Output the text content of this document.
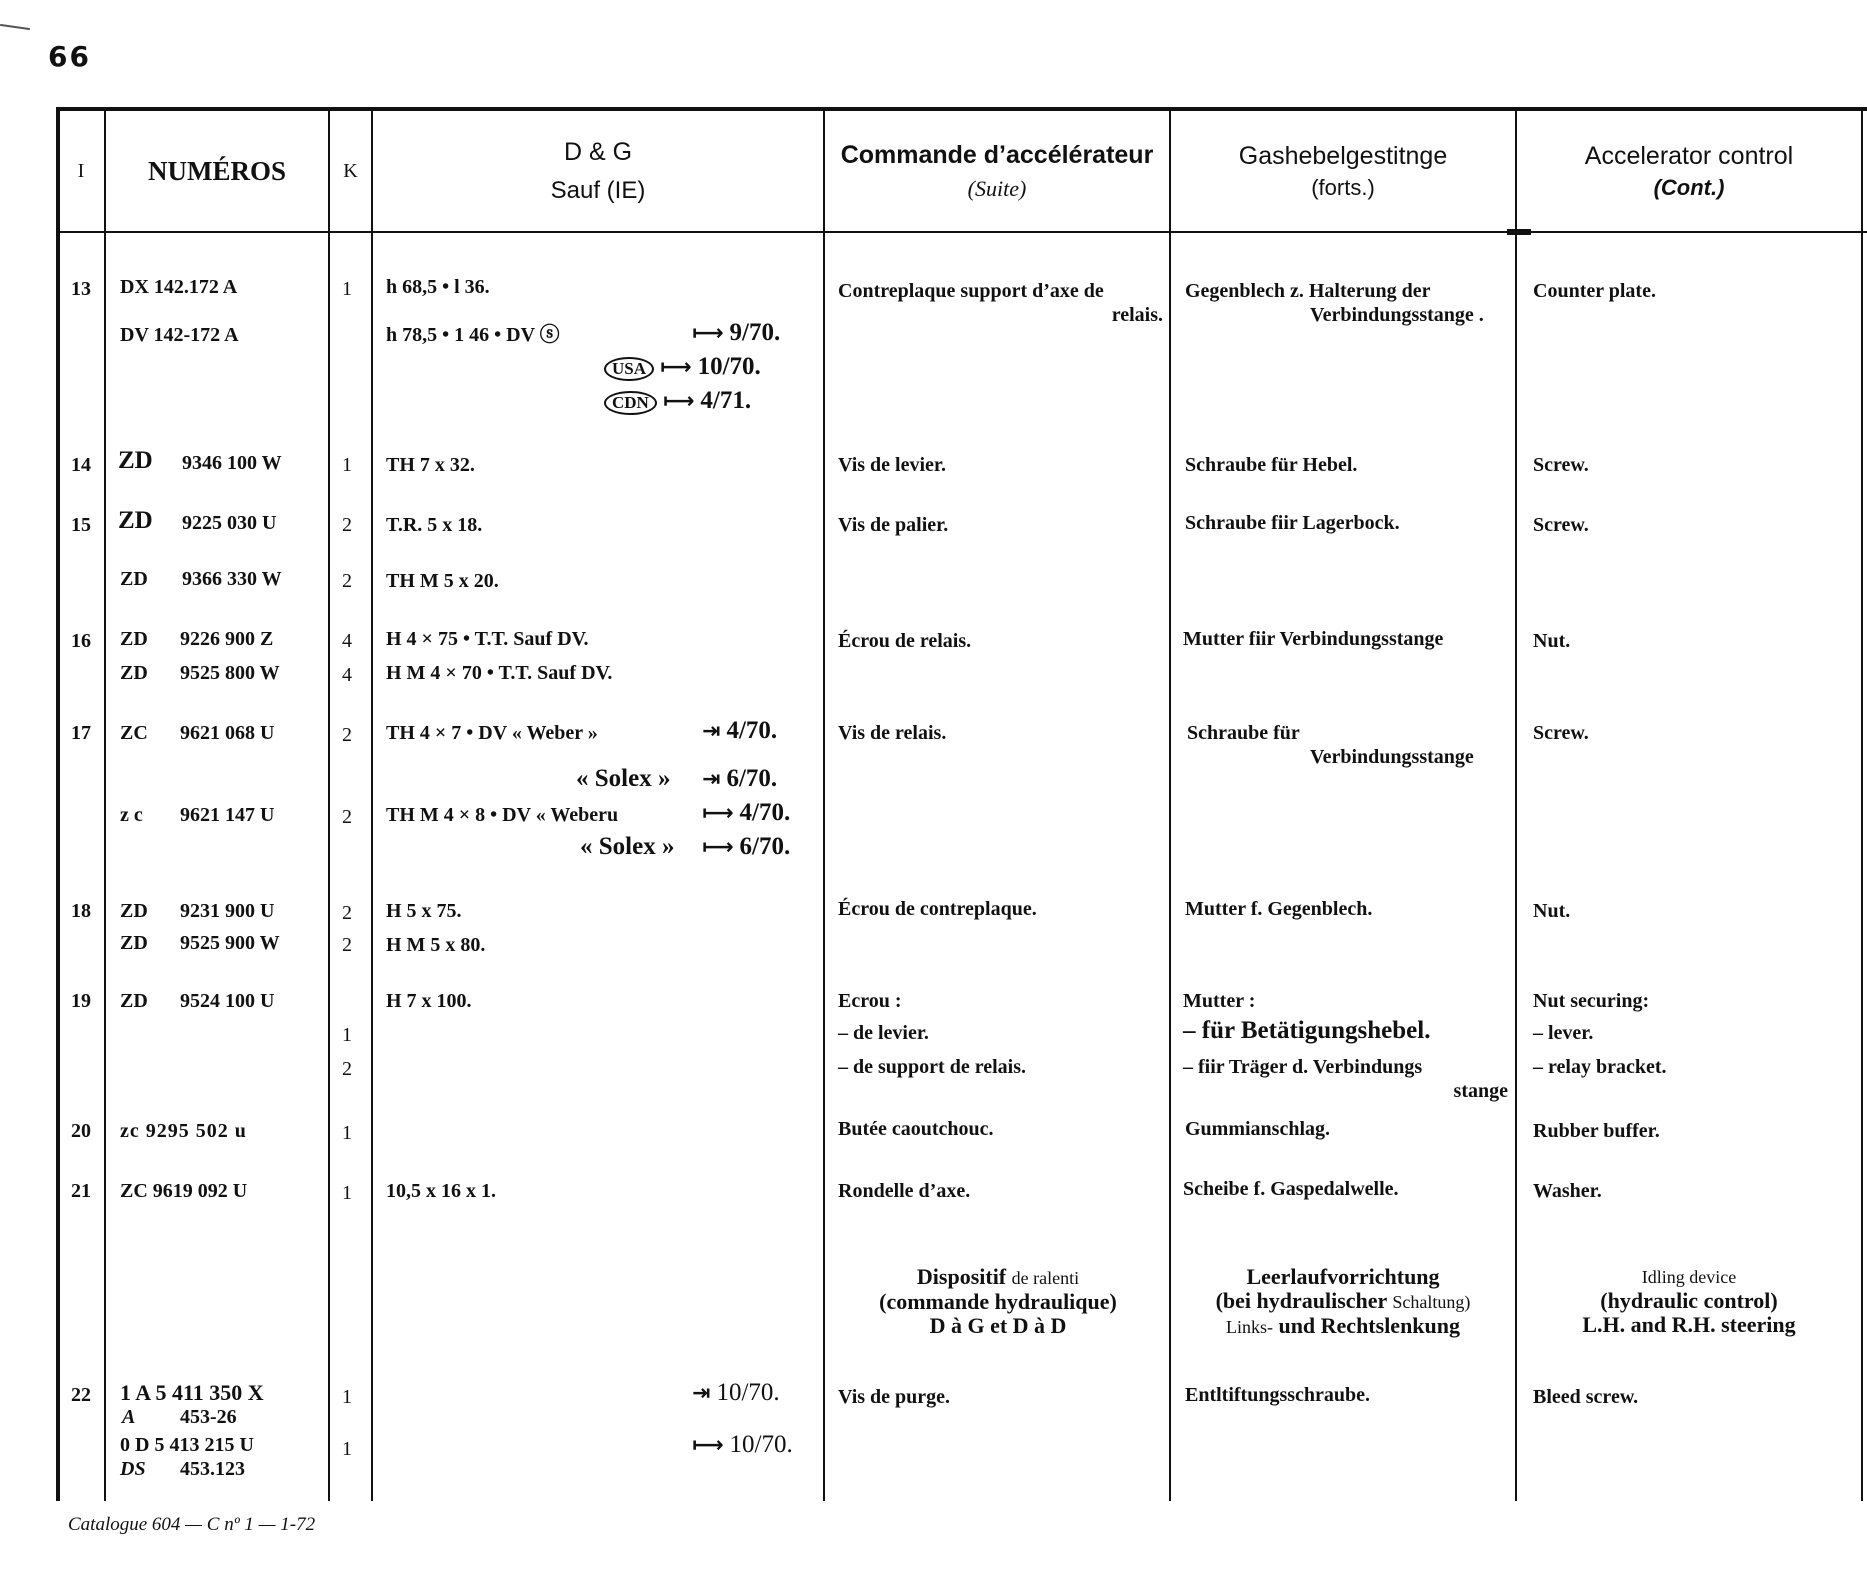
66
I NUMÉROS	K
D & G
Sauf (IE)
Commande d’accélérateur
(Suite)
Gashebelgestitnge
(forts.)
Accelerator control
(Cont.)
13 DX 142.172 A
DV 142-172 A
1 h 68,5 • l 36.
h 78,5 • 1 46 • DV ⓢ	⟼ 9/70.
USA ⟼ 10/70.
CDN ⟼ 4/71.
Contreplaque support d’axe de
relais.
Gegenblech z. Halterung der
Verbindungsstange .
Counter plate.
14 ZD 9346 100 W	1 TH 7 x 32.	Vis de levier.	Schraube für Hebel.	Screw.
15 ZD 9225 030 U	2 T.R. 5 x 18.	Vis de palier.	Schraube fiir Lagerbock.	Screw.
ZD 9366 330 W	2 TH M 5 x 20.
16 ZD 9226 900 Z	4 H 4 × 75 • T.T. Sauf DV.
ZD 9525 800 W	4 H M 4 × 70 • T.T. Sauf DV.
Écrou de relais.	Mutter fiir Verbindungsstange	Nut.
17 ZC 9621 068 U	2 TH 4 × 7 • DV « Weber »	⇥ 4/70.
« Solex » ⇥ 6/70.
z c 9621 147 U	2 TH M 4 × 8 • DV « Weberu	⟼ 4/70.
« Solex » ⟼ 6/70.
Vis de relais.	Schraube für
Verbindungsstange
Screw.
18 ZD 9231 900 U	2 H 5 x 75.
ZD 9525 900 W	2 H M 5 x 80.
Écrou de contreplaque.	Mutter f. Gegenblech.	Nut.
19 ZD 9524 100 U	H 7 x 100.
1
2
Ecrou :
– de levier.
– de support de relais.
Mutter :
– für Betätigungshebel.
– fiir Träger d. Verbindungs
stange
Nut securing:
– lever.
– relay bracket.
20 zc 9295 502 u	1	Butée caoutchouc.	Gummianschlag.	Rubber buffer.
21 ZC 9619 092 U	1 10,5 x 16 x 1.	Rondelle d’axe.	Scheibe f. Gaspedalwelle.	Washer.
Dispositif de ralenti
(commande hydraulique)
D à G et D à D
Leerlaufvorrichtung
(bei hydraulischer Schaltung)
Links- und Rechtslenkung
Idling device
(hydraulic control)
L.H. and R.H. steering
22 1 A 5 411 350 X
A 453-26
1	⇥ 10/70.
0 D 5 413 215 U
DS 453.123
1	⟼ 10/70.
Vis de purge.	Entltiftungsschraube.	Bleed screw.
Catalogue 604 — C nº 1 — 1-72
